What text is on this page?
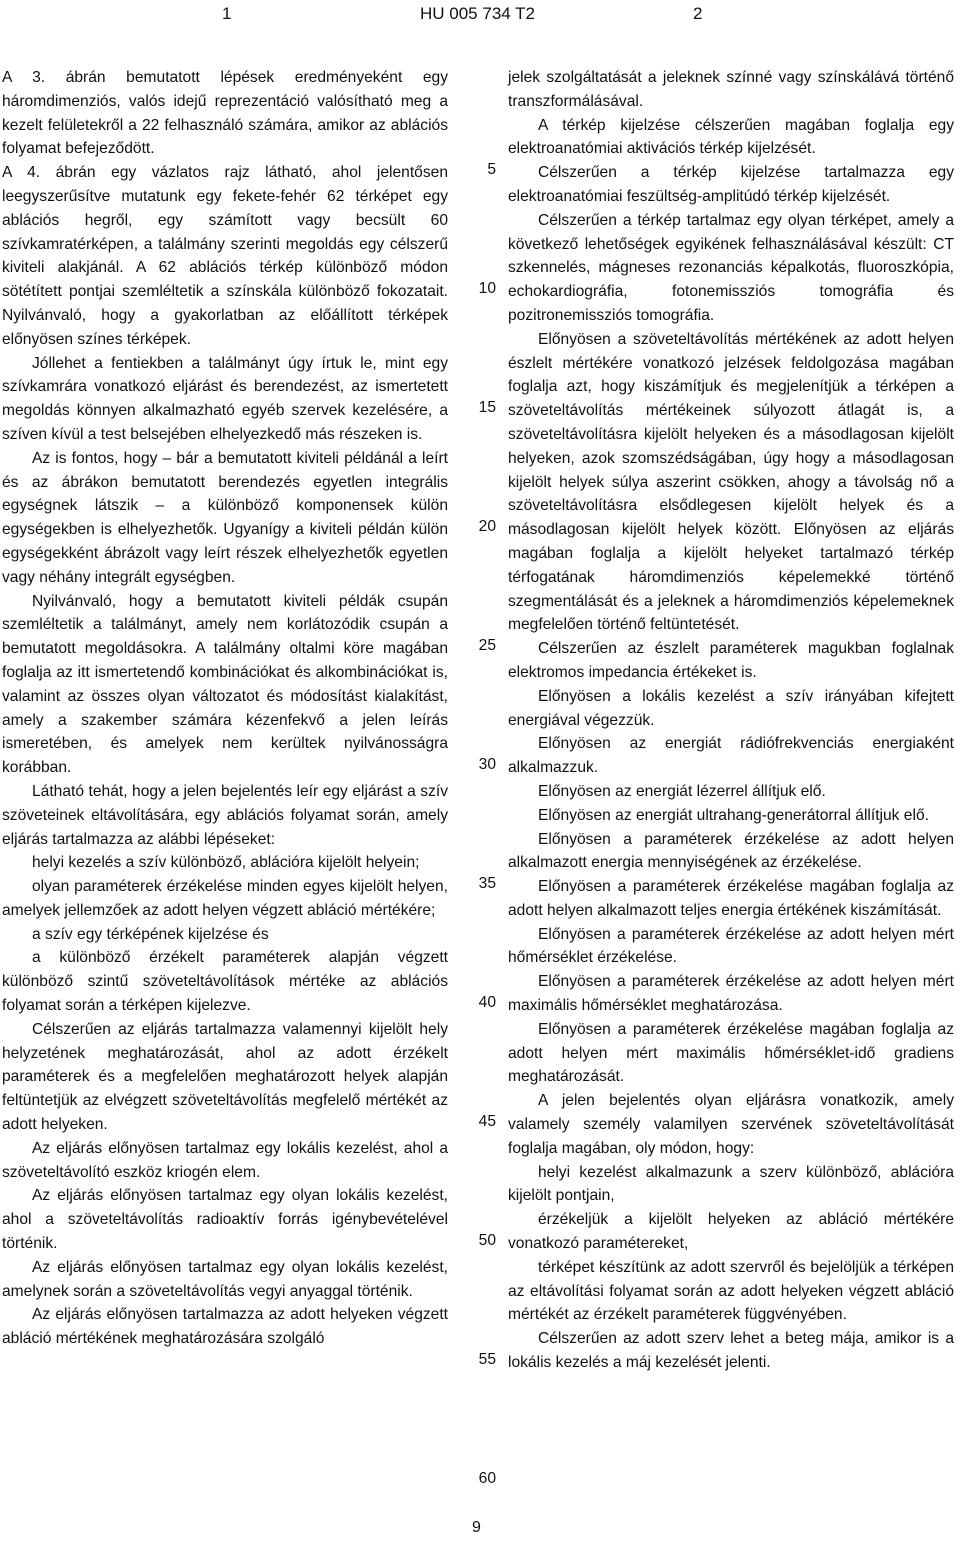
1	HU 005 734 T2	2

A 3. ábrán bemutatott lépések eredményeként egy háromdimenziós, valós idejű reprezentáció valósítható meg a kezelt felületekről a 22 felhasználó számára, amikor az ablációs folyamat befejeződött.

A 4. ábrán egy vázlatos rajz látható, ahol jelentősen leegyszerűsítve mutatunk egy fekete-fehér 62 térképet egy ablációs hegről, egy számított vagy becsült 60 szívkamratérképen, a találmány szerinti megoldás egy célszerű kiviteli alakjánál. A 62 ablációs térkép különböző módon sötétített pontjai szemléltetik a színskála különböző fokozatait. Nyilvánvaló, hogy a gyakorlatban az előállított térképek előnyösen színes térképek.

Jóllehet a fentiekben a találmányt úgy írtuk le, mint egy szívkamrára vonatkozó eljárást és berendezést, az ismertetett megoldás könnyen alkalmazható egyéb szervek kezelésére, a szíven kívül a test belsejében elhelyezkedő más részeken is.

Az is fontos, hogy – bár a bemutatott kiviteli példánál a leírt és az ábrákon bemutatott berendezés egyetlen integrális egységnek látszik – a különböző komponensek külön egységekben is elhelyezhetők. Ugyanígy a kiviteli példán külön egységekként ábrázolt vagy leírt részek elhelyezhetők egyetlen vagy néhány integrált egységben.

Nyilvánvaló, hogy a bemutatott kiviteli példák csupán szemléltetik a találmányt, amely nem korlátozódik csupán a bemutatott megoldásokra. A találmány oltalmi köre magában foglalja az itt ismertetendő kombinációkat és alkombinációkat is, valamint az összes olyan változatot és módosítást kialakítást, amely a szakember számára kézenfekvő a jelen leírás ismeretében, és amelyek nem kerültek nyilvánosságra korábban.

Látható tehát, hogy a jelen bejelentés leír egy eljárást a szív szöveteinek eltávolítására, egy ablációs folyamat során, amely eljárás tartalmazza az alábbi lépéseket:

helyi kezelés a szív különböző, ablációra kijelölt helyein;

olyan paraméterek érzékelése minden egyes kijelölt helyen, amelyek jellemzőek az adott helyen végzett abláció mértékére;

a szív egy térképének kijelzése és

a különböző érzékelt paraméterek alapján végzett különböző szintű szöveteltávolítások mértéke az ablációs folyamat során a térképen kijelezve.

Célszerűen az eljárás tartalmazza valamennyi kijelölt hely helyzetének meghatározását, ahol az adott érzékelt paraméterek és a megfelelően meghatározott helyek alapján feltüntetjük az elvégzett szöveteltávolítás megfelelő mértékét az adott helyeken.

Az eljárás előnyösen tartalmaz egy lokális kezelést, ahol a szöveteltávolító eszköz kriogén elem.

Az eljárás előnyösen tartalmaz egy olyan lokális kezelést, ahol a szöveteltávolítás radioaktív forrás igénybevételével történik.

Az eljárás előnyösen tartalmaz egy olyan lokális kezelést, amelynek során a szöveteltávolítás vegyi anyaggal történik.

Az eljárás előnyösen tartalmazza az adott helyeken végzett abláció mértékének meghatározására szolgáló

5
10
15
20
25
30
35
40
45
50
55
60

jelek szolgáltatását a jeleknek színné vagy színskálává történő transzformálásával.

A térkép kijelzése célszerűen magában foglalja egy elektroanatómiai aktivációs térkép kijelzését.

Célszerűen a térkép kijelzése tartalmazza egy elektroanatómiai feszültség-amplitúdó térkép kijelzését.

Célszerűen a térkép tartalmaz egy olyan térképet, amely a következő lehetőségek egyikének felhasználásával készült: CT szkennelés, mágneses rezonanciás képalkotás, fluoroszkópia, echokardiográfia, fotonemissziós tomográfia és pozitronemissziós tomográfia.

Előnyösen a szöveteltávolítás mértékének az adott helyen észlelt mértékére vonatkozó jelzések feldolgozása magában foglalja azt, hogy kiszámítjuk és megjelenítjük a térképen a szöveteltávolítás mértékeinek súlyozott átlagát is, a szöveteltávolításra kijelölt helyeken és a másodlagosan kijelölt helyeken, azok szomszédságában, úgy hogy a másodlagosan kijelölt helyek súlya aszerint csökken, ahogy a távolság nő a szöveteltávolításra elsődlegesen kijelölt helyek és a másodlagosan kijelölt helyek között. Előnyösen az eljárás magában foglalja a kijelölt helyeket tartalmazó térkép térfogatának háromdimenziós képelemekké történő szegmentálását és a jeleknek a háromdimenziós képelemeknek megfelelően történő feltüntetését.

Célszerűen az észlelt paraméterek magukban foglalnak elektromos impedancia értékeket is.

Előnyösen a lokális kezelést a szív irányában kifejtett energiával végezzük.

Előnyösen az energiát rádiófrekvenciás energiaként alkalmazzuk.

Előnyösen az energiát lézerrel állítjuk elő.

Előnyösen az energiát ultrahang-generátorral állítjuk elő.

Előnyösen a paraméterek érzékelése az adott helyen alkalmazott energia mennyiségének az érzékelése.

Előnyösen a paraméterek érzékelése magában foglalja az adott helyen alkalmazott teljes energia értékének kiszámítását.

Előnyösen a paraméterek érzékelése az adott helyen mért hőmérséklet érzékelése.

Előnyösen a paraméterek érzékelése az adott helyen mért maximális hőmérséklet meghatározása.

Előnyösen a paraméterek érzékelése magában foglalja az adott helyen mért maximális hőmérséklet-idő gradiens meghatározását.

A jelen bejelentés olyan eljárásra vonatkozik, amely valamely személy valamilyen szervének szöveteltávolítását foglalja magában, oly módon, hogy:

helyi kezelést alkalmazunk a szerv különböző, ablációra kijelölt pontjain,

érzékeljük a kijelölt helyeken az abláció mértékére vonatkozó paramétereket,

térképet készítünk az adott szervről és bejelöljük a térképen az eltávolítási folyamat során az adott helyeken végzett abláció mértékét az érzékelt paraméterek függvényében.

Célszerűen az adott szerv lehet a beteg mája, amikor is a lokális kezelés a máj kezelését jelenti.

9
